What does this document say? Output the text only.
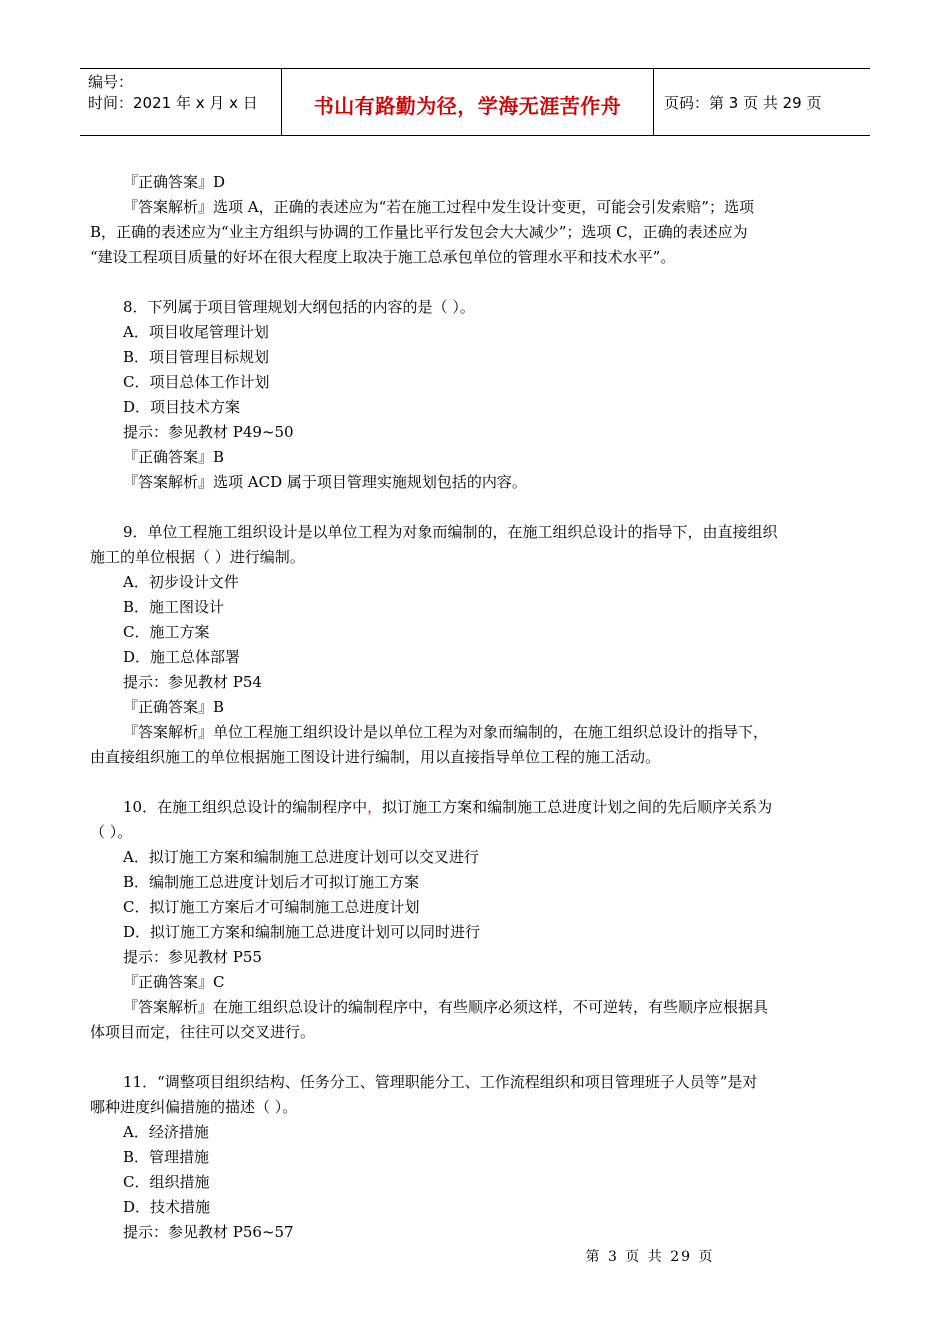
编号：
时间：2021 年 x 月 x 日	书山有路勤为径，学海无涯苦作舟	页码：第 3 页 共 29 页

『正确答案』D

『答案解析』选项 A，正确的表述应为“若在施工过程中发生设计变更，可能会引发索赔”；选项

B，正确的表述应为“业主方组织与协调的工作量比平行发包会大大减少”；选项 C，正确的表述应为

“建设工程项目质量的好坏在很大程度上取决于施工总承包单位的管理水平和技术水平”。

8．下列属于项目管理规划大纲包括的内容的是（ ）。

A．项目收尾管理计划

B．项目管理目标规划

C．项目总体工作计划

D．项目技术方案

提示：参见教材 P49~50

『正确答案』B

『答案解析』选项 ACD 属于项目管理实施规划包括的内容。

9．单位工程施工组织设计是以单位工程为对象而编制的，在施工组织总设计的指导下，由直接组织

施工的单位根据（ ）进行编制。

A．初步设计文件

B．施工图设计

C．施工方案

D．施工总体部署

提示：参见教材 P54

『正确答案』B

『答案解析』单位工程施工组织设计是以单位工程为对象而编制的，在施工组织总设计的指导下，

由直接组织施工的单位根据施工图设计进行编制，用以直接指导单位工程的施工活动。

10．在施工组织总设计的编制程序中，拟订施工方案和编制施工总进度计划之间的先后顺序关系为

（ ）。

A．拟订施工方案和编制施工总进度计划可以交叉进行

B．编制施工总进度计划后才可拟订施工方案

C．拟订施工方案后才可编制施工总进度计划

D．拟订施工方案和编制施工总进度计划可以同时进行

提示：参见教材 P55

『正确答案』C

『答案解析』在施工组织总设计的编制程序中，有些顺序必须这样，不可逆转，有些顺序应根据具

体项目而定，往往可以交叉进行。

11．“调整项目组织结构、任务分工、管理职能分工、工作流程组织和项目管理班子人员等”是对

哪种进度纠偏措施的描述（ ）。

A．经济措施

B．管理措施

C．组织措施

D．技术措施

提示：参见教材 P56~57

第 3 页 共 29 页
